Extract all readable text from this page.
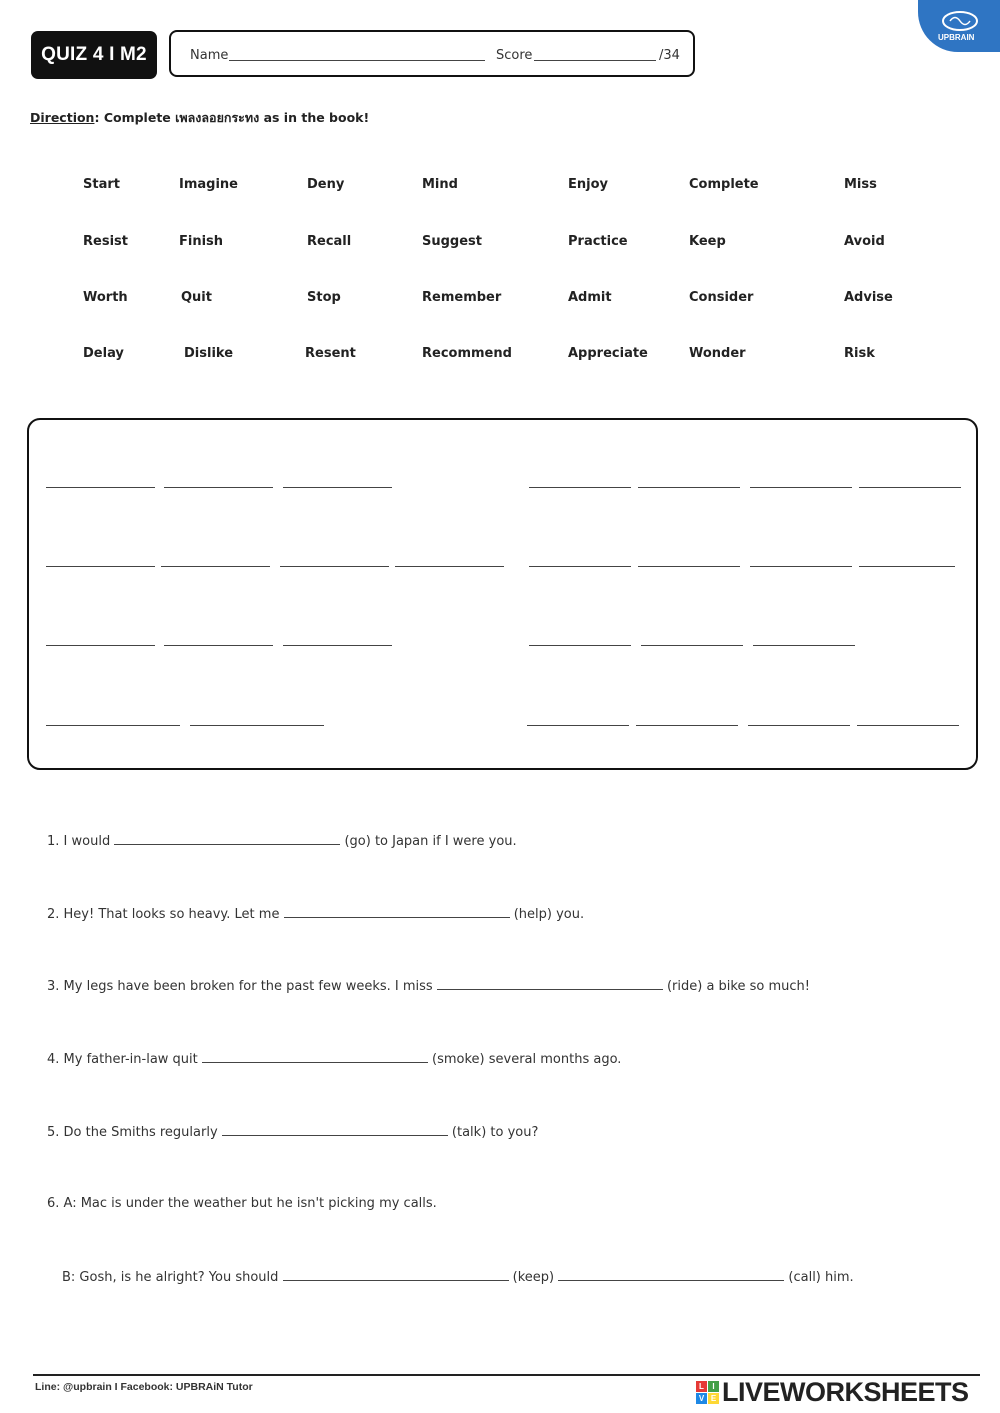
QUIZ 4 I M2	Name	Score	/34
UPBRAIN
Direction: Complete เพลงลอยกระทง as in the book!
Start	Imagine	Deny	Mind	Enjoy	Complete	Miss
Resist	Finish	Recall	Suggest	Practice	Keep	Avoid
Worth	Quit	Stop	Remember	Admit	Consider	Advise
Delay	Dislike	Resent	Recommend	Appreciate	Wonder	Risk
1. I would	(go) to Japan if I were you.
2. Hey! That looks so heavy. Let me	(help) you.
3. My legs have been broken for the past few weeks. I miss	(ride) a bike so much!
4. My father-in-law quit	(smoke) several months ago.
5. Do the Smiths regularly	(talk) to you?
6. A: Mac is under the weather but he isn't picking my calls.
B: Gosh, is he alright? You should	(keep)	(call) him.
Line: @upbrain I Facebook: UPBRAiN Tutor	L	I
V E LIVEWORKSHEETS
